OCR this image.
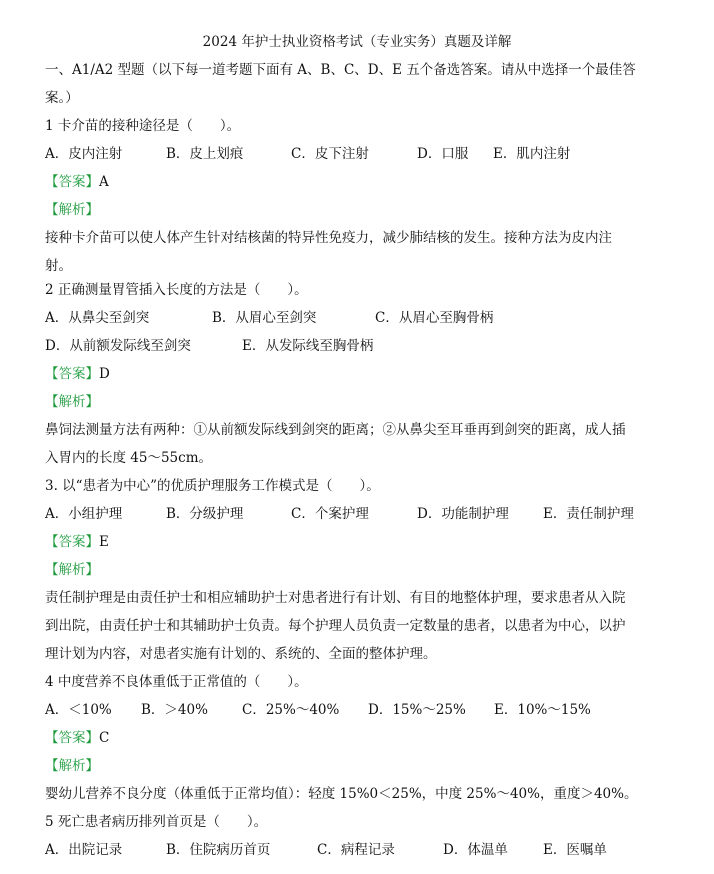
2024 年护士执业资格考试（专业实务）真题及详解
一、A1/A2 型题（以下每一道考题下面有 A、B、C、D、E 五个备选答案。请从中选择一个最佳答
案。）
1 卡介苗的接种途径是（　　）。
A．皮内注射	B．皮上划痕	C．皮下注射	D．口服 E．肌内注射
【答案】A
【解析】
接种卡介苗可以使人体产生针对结核菌的特异性免疫力，减少肺结核的发生。接种方法为皮内注
射。
2 正确测量胃管插入长度的方法是（　　）。
A．从鼻尖至剑突	B．从眉心至剑突	C．从眉心至胸骨柄
D．从前额发际线至剑突	E．从发际线至胸骨柄
【答案】D
【解析】
鼻饲法测量方法有两种：①从前额发际线到剑突的距离；②从鼻尖至耳垂再到剑突的距离，成人插
入胃内的长度 45～55cm。
3. 以“患者为中心”的优质护理服务工作模式是（　　）。
A．小组护理	B．分级护理	C．个案护理	D．功能制护理	E．责任制护理
【答案】E
【解析】
责任制护理是由责任护士和相应辅助护士对患者进行有计划、有目的地整体护理，要求患者从入院
到出院，由责任护士和其辅助护士负责。每个护理人员负责一定数量的患者，以患者为中心，以护
理计划为内容，对患者实施有计划的、系统的、全面的整体护理。
4 中度营养不良体重低于正常值的（　　）。
A．＜10% B．＞40%	C．25%～40% D．15%～25% E．10%～15%
【答案】C
【解析】
婴幼儿营养不良分度（体重低于正常均值）：轻度 15%0＜25%，中度 25%～40%，重度＞40%。
5 死亡患者病历排列首页是（　　）。
A．出院记录	B．住院病历首页	C．病程记录	D．体温单	E．医嘱单
